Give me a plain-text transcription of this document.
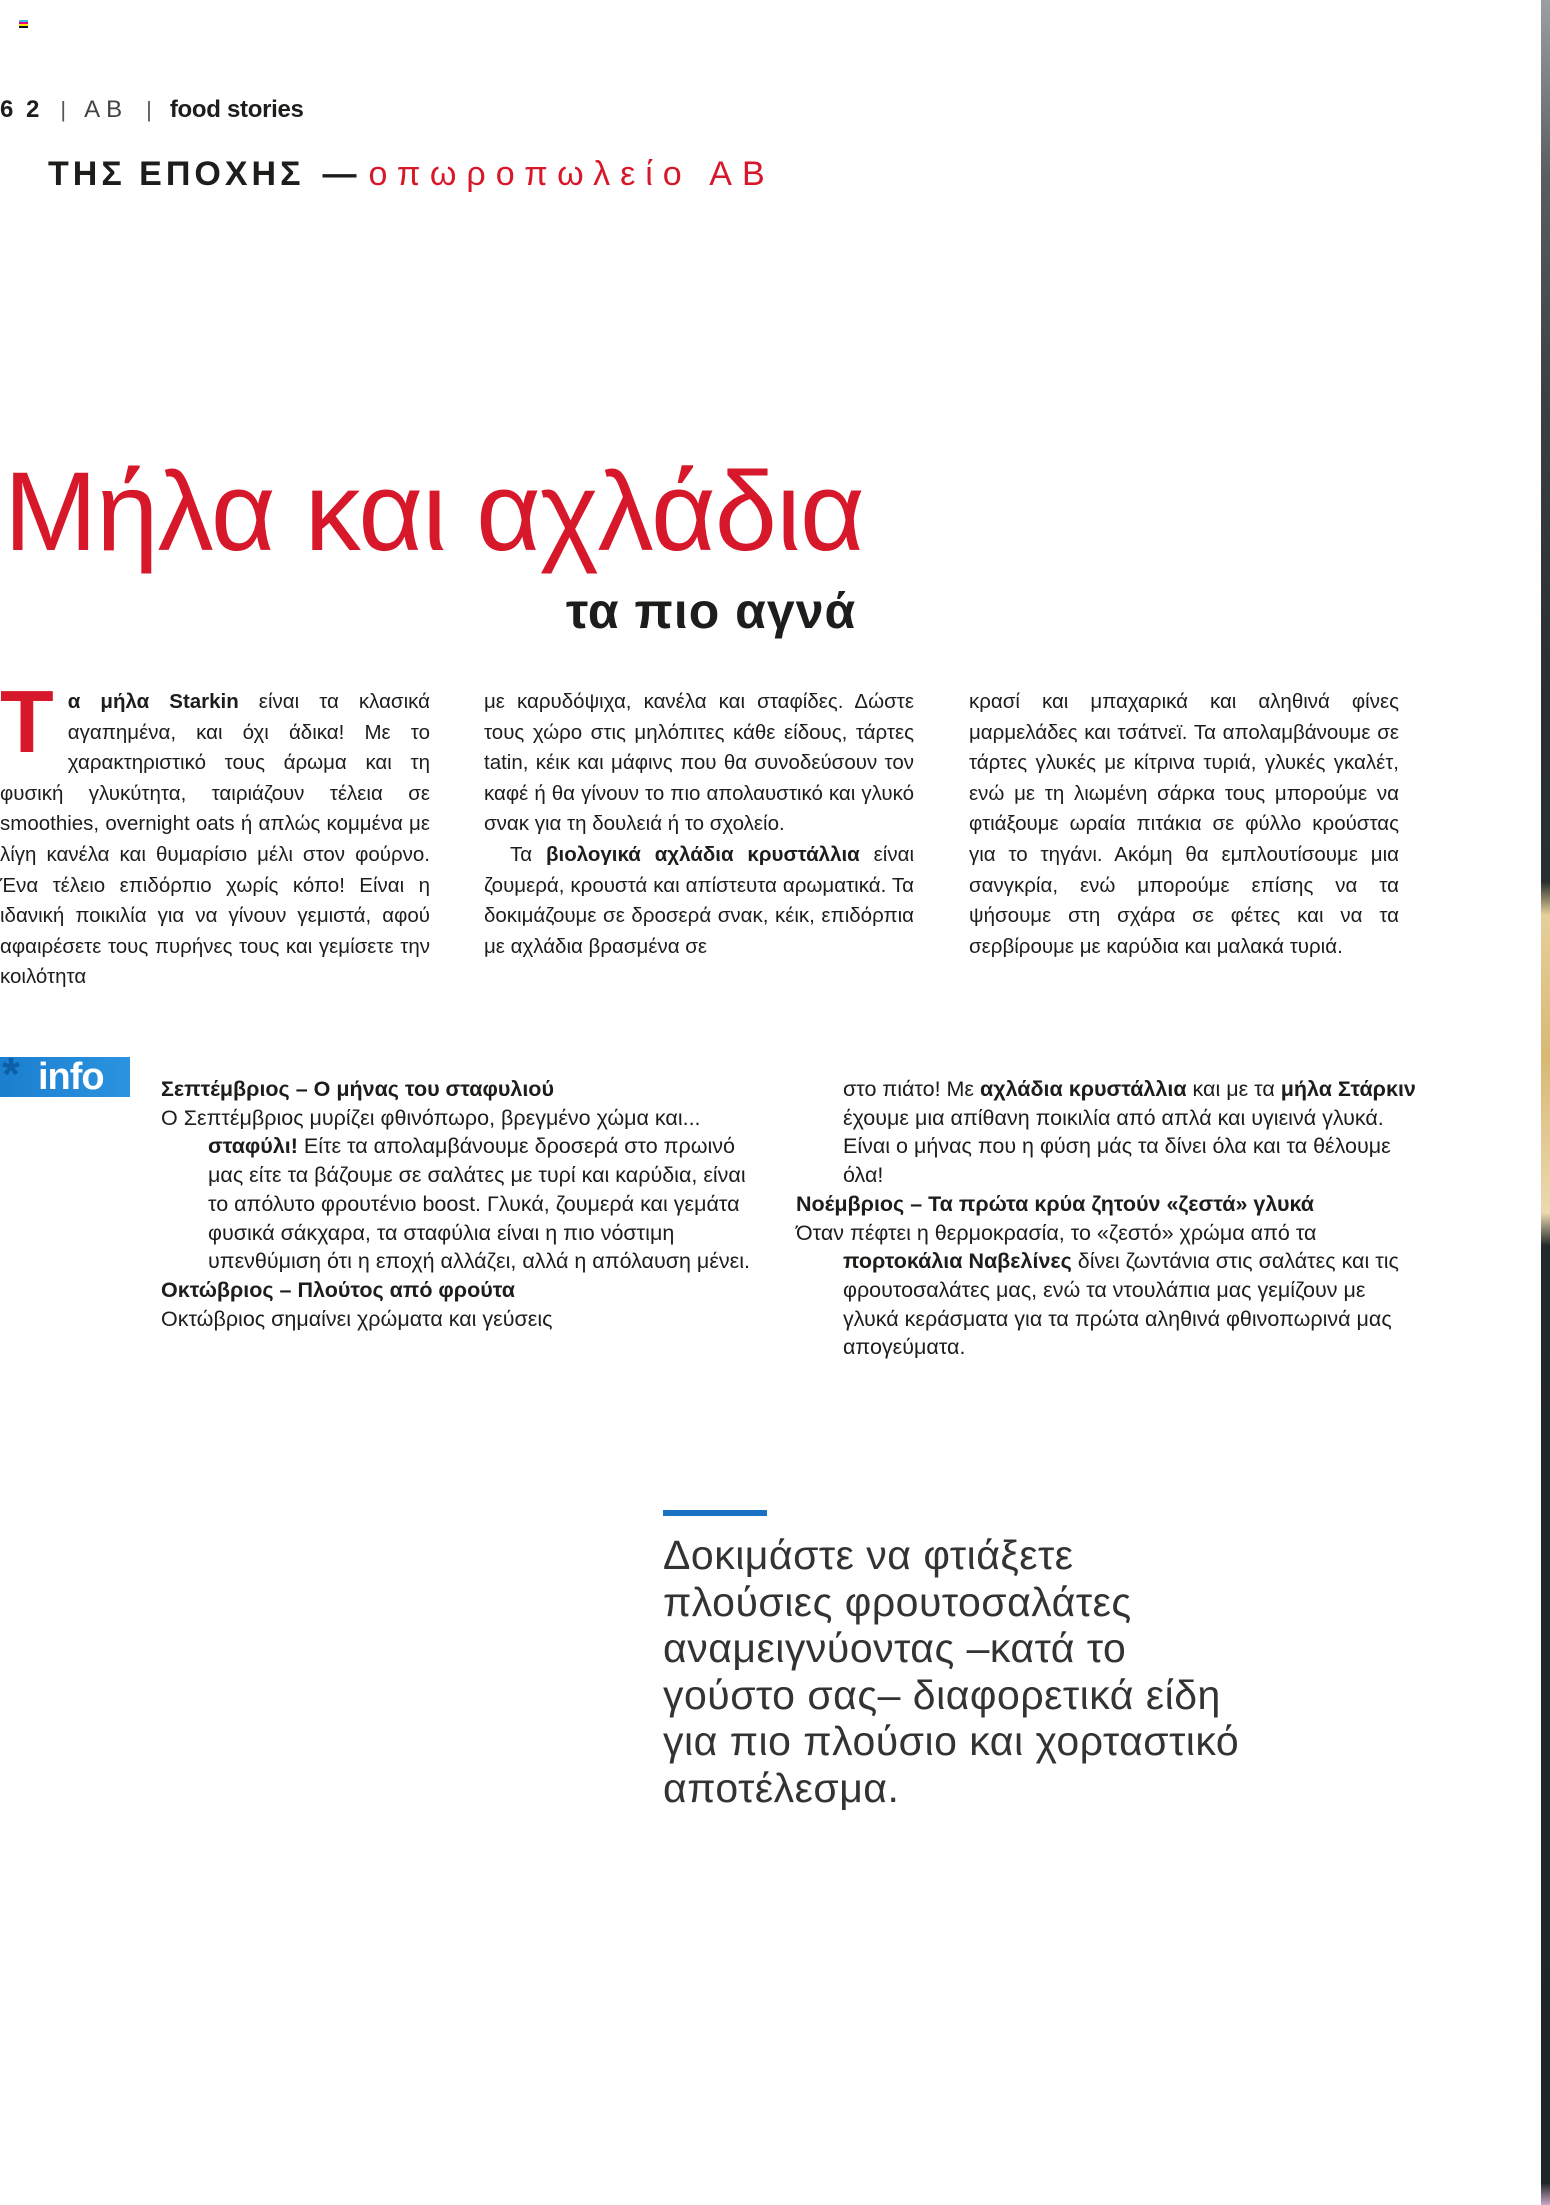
6 2 | AB | food stories
ΤΗΣ ΕΠΟΧΗΣ — οπωροπωλείο ΑΒ
Μήλα και αχλάδια
τα πιο αγνά

Τα μήλα Starkin είναι τα κλασικά αγαπημένα, και όχι άδικα! Με το χαρακτηριστικό τους άρωμα και τη φυσική γλυκύτητα, ταιριάζουν τέλεια σε smoothies, overnight oats ή απλώς κομμένα με λίγη κανέλα και θυμαρίσιο μέλι στον φούρνο. Ένα τέλειο επιδόρπιο χωρίς κόπο! Είναι η ιδανική ποικιλία για να γίνουν γεμιστά, αφού αφαιρέσετε τους πυρήνες τους και γεμίσετε την κοιλότητα

με καρυδόψιχα, κανέλα και σταφίδες. Δώστε τους χώρο στις μηλόπιτες κάθε είδους, τάρτες tatin, κέικ και μάφινς που θα συνοδεύσουν τον καφέ ή θα γίνουν το πιο απολαυστικό και γλυκό σνακ για τη δουλειά ή το σχολείο.

Τα βιολογικά αχλάδια κρυστάλλια είναι ζουμερά, κρουστά και απίστευτα αρωματικά. Τα δοκιμάζουμε σε δροσερά σνακ, κέικ, επιδόρπια με αχλάδια βρασμένα σε

κρασί και μπαχαρικά και αληθινά φίνες μαρμελάδες και τσάτνεϊ. Τα απολαμβάνουμε σε τάρτες γλυκές με κίτρινα τυριά, γλυκές γκαλέτ, ενώ με τη λιωμένη σάρκα τους μπορούμε να φτιάξουμε ωραία πιτάκια σε φύλλο κρούστας για το τηγάνι. Ακόμη θα εμπλουτίσουμε μια σανγκρία, ενώ μπορούμε επίσης να τα ψήσουμε στη σχάρα σε φέτες και να τα σερβίρουμε με καρύδια και μαλακά τυριά.

* info	Σεπτέμβριος – Ο μήνας του σταφυλιού
Ο Σεπτέμβριος μυρίζει φθινόπωρο, βρεγμένο χώμα και... σταφύλι! Είτε τα απολαμβάνουμε δροσερά στο πρωινό μας είτε τα βάζουμε σε σαλάτες με τυρί και καρύδια, είναι το απόλυτο φρουτένιο boost. Γλυκά, ζουμερά και γεμάτα φυσικά σάκχαρα, τα σταφύλια είναι η πιο νόστιμη υπενθύμιση ότι η εποχή αλλάζει, αλλά η απόλαυση μένει.
Οκτώβριος – Πλούτος από φρούτα
Οκτώβριος σημαίνει χρώματα και γεύσεις
στο πιάτο! Με αχλάδια κρυστάλλια και με τα μήλα Στάρκιν έχουμε μια απίθανη ποικιλία από απλά και υγιεινά γλυκά. Είναι ο μήνας που η φύση μάς τα δίνει όλα και τα θέλουμε όλα!
Νοέμβριος – Τα πρώτα κρύα ζητούν «ζεστά» γλυκά
Όταν πέφτει η θερμοκρασία, το «ζεστό» χρώμα από τα πορτοκάλια Ναβελίνες δίνει ζωντάνια στις σαλάτες και τις φρουτοσαλάτες μας, ενώ τα ντουλάπια μας γεμίζουν με γλυκά κεράσματα για τα πρώτα αληθινά φθινοπωρινά μας απογεύματα.
Δοκιμάστε να φτιάξετε πλούσιες φρουτοσαλάτες αναμειγνύοντας –κατά το γούστο σας– διαφορετικά είδη για πιο πλούσιο και χορταστικό αποτέλεσμα.
